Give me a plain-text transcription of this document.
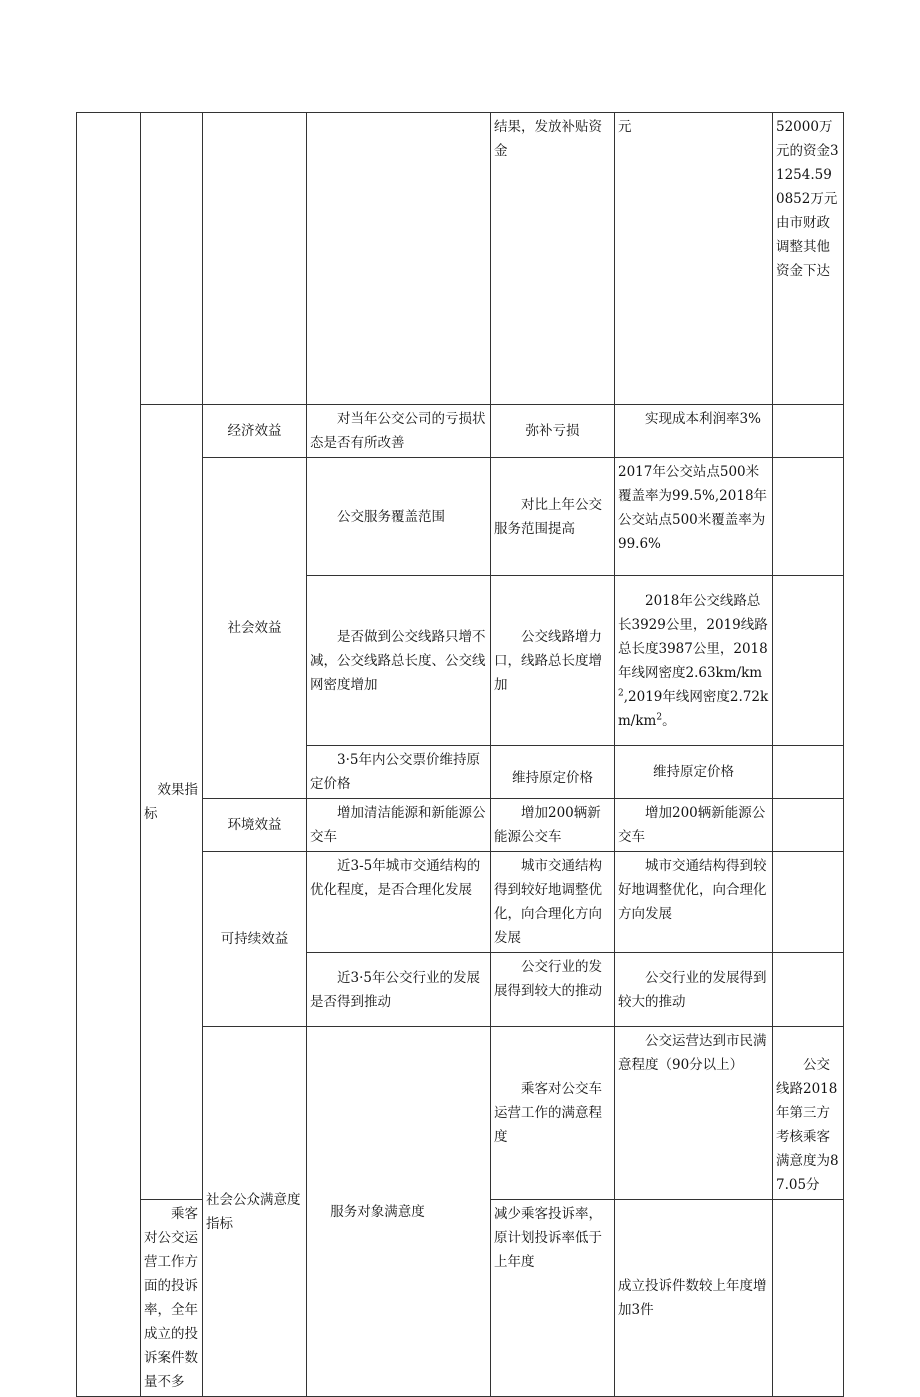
				结果，发放补贴资金	元	52000万元的资金31254.590852万元由市财政调整其他资金下达	
	效果指标	经济效益	对当年公交公司的亏损状态是否有所改善	弥补亏损	实现成本利润率3%		
		社会效益	公交服务覆盖范围	对比上年公交服务范围提高	2017年公交站点500米覆盖率为99.5%,2018年公交站点500米覆盖率为99.6%		
			是否做到公交线路只增不减，公交线路总长度、公交线网密度增加	公交线路增力口，线路总长度增加	2018年公交线路总长3929公里，2019线路总长度3987公里，2018年线网密度$2.63km/km^2,2019$年线网密度$2.72km/km^2$。		
			3·5年内公交票价维持原定价格	维持原定价格	维持原定价格		
		环境效益	增加清洁能源和新能源公交车	增加200辆新能源公交车	增加200辆新能源公交车		
		可持续效益	近3-5年城市交通结构的优化程度，是否合理化发展	城市交通结构得到较好地调整优化，向合理化方向发展	城市交通结构得到较好地调整优化，向合理化方向发展		
			近3·5年公交行业的发展是否得到推动	公交行业的发展得到较大的推动	公交行业的发展得到较大的推动		
		社会公众满意度指标	服务对象满意度	乘客对公交车运营工作的满意程度	公交运营达到市民满意程度（90分以上）	公交线路2018年第三方考核乘客满意度为87.05分	
	乘客对公交运营工作方面的投诉率，全年成立的投诉案件数量不多			减少乘客投诉率，原计划投诉率低于上年度	成立投诉件数较上年度增加3件		
